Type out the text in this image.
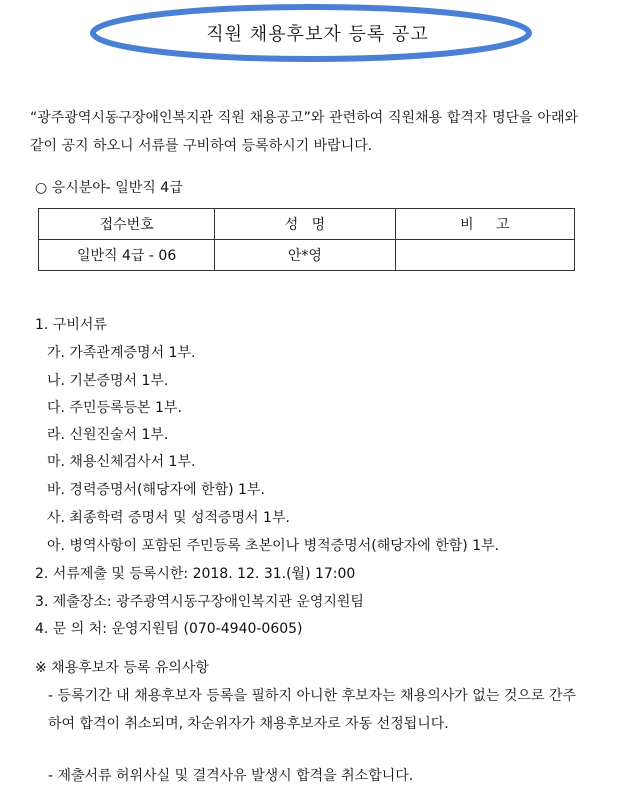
직원 채용후보자 등록 공고
“광주광역시동구장애인복지관 직원 채용공고”와 관련하여 직원채용 합격자 명단을 아래와 같이 공지 하오니 서류를 구비하여 등록하시기 바랍니다.
○ 응시분야- 일반직 4급
접수번호	성   명	비     고
일반직 4급 - 06	안*영	
1. 구비서류
가. 가족관계증명서 1부.
나. 기본증명서 1부.
다. 주민등록등본 1부.
라. 신원진술서 1부.
마. 채용신체검사서 1부.
바. 경력증명서(해당자에 한함) 1부.
사. 최종학력 증명서 및 성적증명서 1부.
아. 병역사항이 포함된 주민등록 초본이나 병적증명서(해당자에 한함) 1부.
2. 서류제출 및 등록시한: 2018. 12. 31.(월) 17:00
3. 제출장소: 광주광역시동구장애인복지관 운영지원팀
4. 문 의 처: 운영지원팀 (070-4940-0605)
※ 채용후보자 등록 유의사항
- 등록기간 내 채용후보자 등록을 필하지 아니한 후보자는 채용의사가 없는 것으로 간주하여 합격이 취소되며, 차순위자가 채용후보자로 자동 선정됩니다.
- 제출서류 허위사실 및 결격사유 발생시 합격을 취소합니다.
